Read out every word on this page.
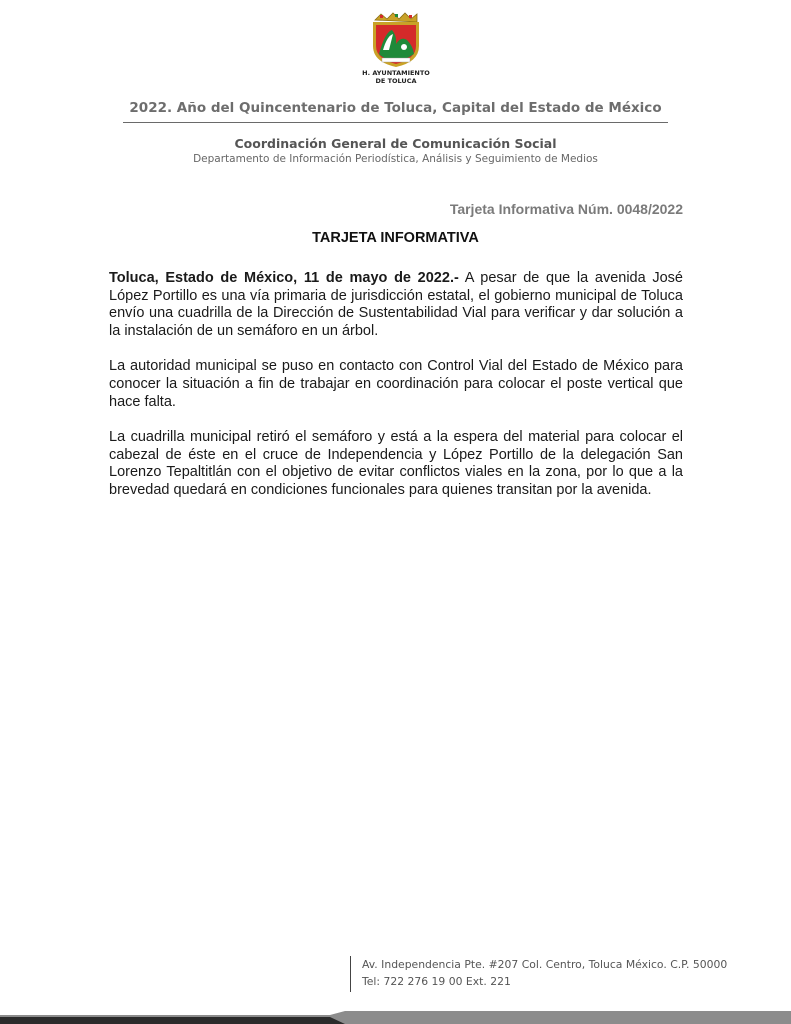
H. AYUNTAMIENTO
DE TOLUCA
2022. Año del Quincentenario de Toluca, Capital del Estado de México
Coordinación General de Comunicación Social
Departamento de Información Periodística, Análisis y Seguimiento de Medios
Tarjeta Informativa Núm. 0048/2022
TARJETA INFORMATIVA

Toluca, Estado de México, 11 de mayo de 2022.- A pesar de que la avenida José López Portillo es una vía primaria de jurisdicción estatal, el gobierno municipal de Toluca envío una cuadrilla de la Dirección de Sustentabilidad Vial para verificar y dar solución a la instalación de un semáforo en un árbol.

La autoridad municipal se puso en contacto con Control Vial del Estado de México para conocer la situación a fin de trabajar en coordinación para colocar el poste vertical que hace falta.

La cuadrilla municipal retiró el semáforo y está a la espera del material para colocar el cabezal de éste en el cruce de Independencia y López Portillo de la delegación San Lorenzo Tepaltitlán con el objetivo de evitar conflictos viales en la zona, por lo que a la brevedad quedará en condiciones funcionales para quienes transitan por la avenida.

Av. Independencia Pte. #207 Col. Centro, Toluca México. C.P. 50000
Tel: 722 276 19 00 Ext. 221
